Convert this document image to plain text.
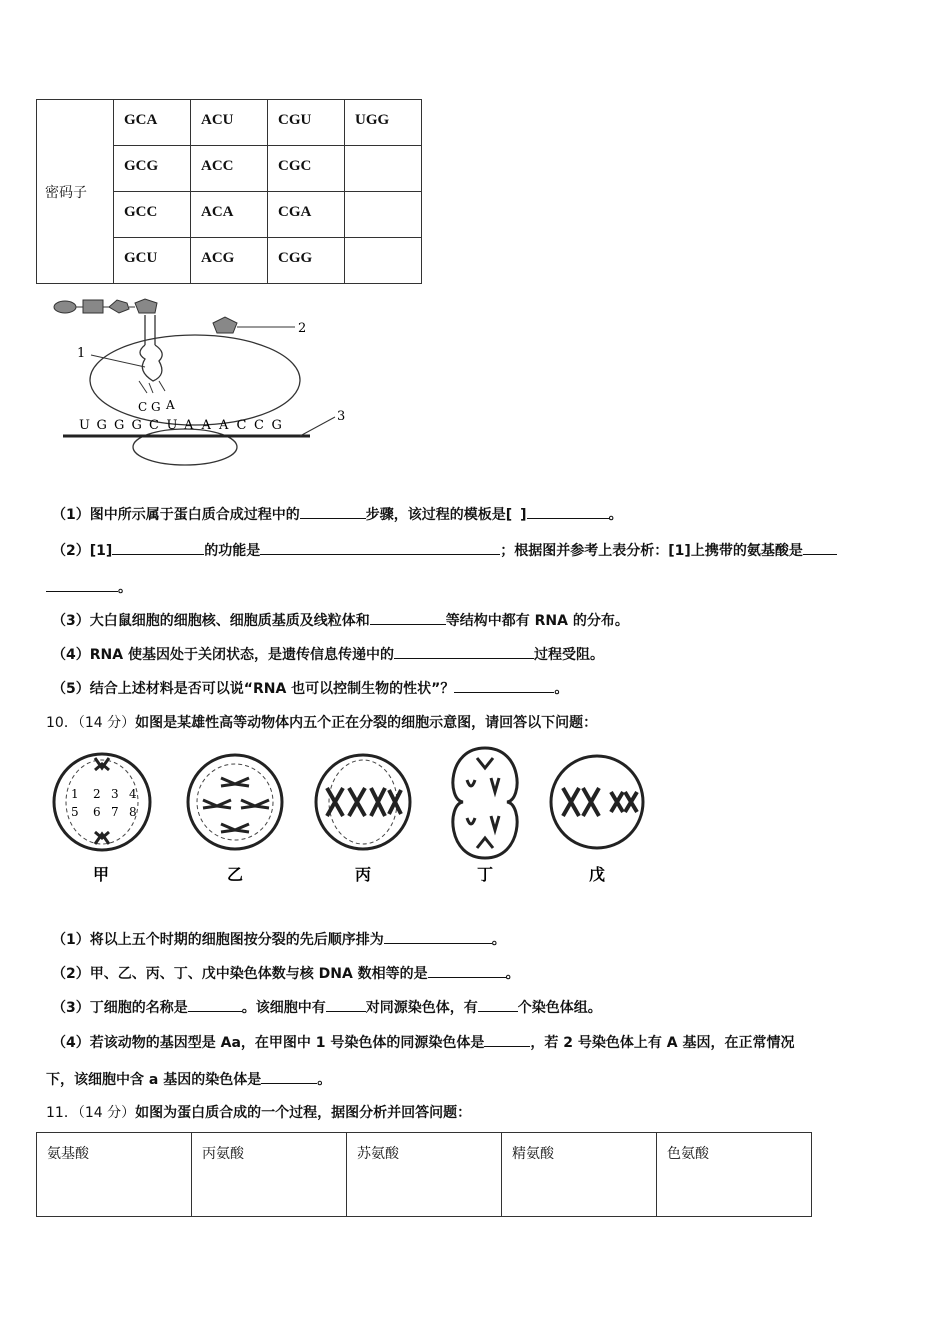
密码子	GCA	ACU	CGU	UGG
	GCG	ACC	CGC	
	GCC	ACA	CGA	
	GCU	ACG	CGG	
2
C G A
1
3
U G G G C U A A A C C G
（1）图中所示属于蛋白质合成过程中的	步骤，该过程的模板是[ ]	。
（2）[1]	的功能是	；根据图并参考上表分析：[1]上携带的氨基酸是
。
（3）大白鼠细胞的细胞核、细胞质基质及线粒体和	等结构中都有 RNA 的分布。
（4）RNA 使基因处于关闭状态，是遗传信息传递中的	过程受阻。
（5）结合上述材料是否可以说“RNA 也可以控制生物的性状”？	。
10．（14 分）如图是某雄性高等动物体内五个正在分裂的细胞示意图，请回答以下问题：
1 2 3 4
5 6 7 8
甲	乙	丙	丁	戊
（1）将以上五个时期的细胞图按分裂的先后顺序排为	。
（2）甲、乙、丙、丁、戊中染色体数与核 DNA 数相等的是	。
（3）丁细胞的名称是	。该细胞中有	对同源染色体，有	个染色体组。
（4）若该动物的基因型是 Aa，在甲图中 1 号染色体的同源染色体是	，若 2 号染色体上有 A 基因，在正常情况
下，该细胞中含 a 基因的染色体是	。
11．（14 分）如图为蛋白质合成的一个过程，据图分析并回答问题：
氨基酸	丙氨酸	苏氨酸	精氨酸	色氨酸
